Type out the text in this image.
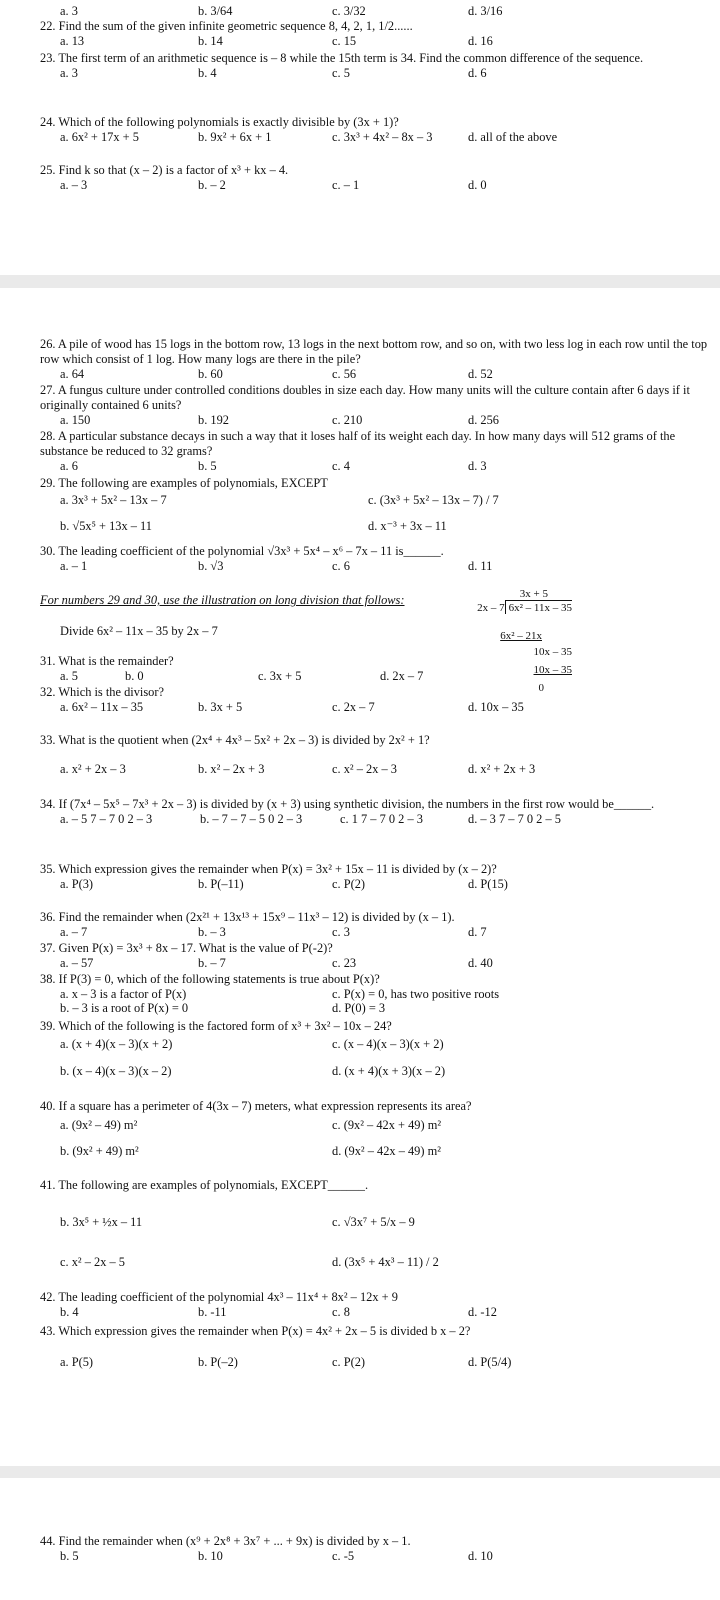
a. 3	b. 3/64	c. 3/32	d. 3/16

22. Find the sum of the given infinite geometric sequence 8, 4, 2, 1, 1/2......

a. 13	b. 14	c. 15	d. 16

23. The first term of an arithmetic sequence is – 8 while the 15th term is 34. Find the common difference of the sequence.

a. 3	b. 4	c. 5	d. 6

24. Which of the following polynomials is exactly divisible by (3x + 1)?

a. 6x² + 17x + 5	b. 9x² + 6x + 1	c. 3x³ + 4x² – 8x – 3	d. all of the above

25. Find k so that (x – 2) is a factor of x³ + kx – 4.

a. – 3	b. – 2	c. – 1	d. 0

26. A pile of wood has 15 logs in the bottom row, 13 logs in the next bottom row, and so on, with two less log in each row until the top row which consist of 1 log. How many logs are there in the pile?

a. 64	b. 60	c. 56	d. 52

27. A fungus culture under controlled conditions doubles in size each day. How many units will the culture contain after 6 days if it originally contained 6 units?

a. 150	b. 192	c. 210	d. 256

28. A particular substance decays in such a way that it loses half of its weight each day. In how many days will 512 grams of the substance be reduced to 32 grams?

a. 6	b. 5	c. 4	d. 3

29. The following are examples of polynomials, EXCEPT

a. 3x³ + 5x² – 13x – 7	c. (3x³ + 5x² – 13x – 7) / 7
b. √5x⁵ + 13x – 11	d. x⁻³ + 3x – 11

30. The leading coefficient of the polynomial √3x³ + 5x⁴ – x⁶ – 7x – 11 is______.

a. – 1	b. √3	c. 6	d. 11
For numbers 29 and 30, use the illustration on long division that follows:
Divide 6x² – 11x – 35 by 2x – 7
3x + 5
2x – 7 6x² – 11x – 35
6x² – 21x
10x – 35
10x – 35
0

31. What is the remainder?

a. 5	b. 0	c. 3x + 5	d. 2x – 7

32. Which is the divisor?

a. 6x² – 11x – 35	b. 3x + 5	c. 2x – 7	d. 10x – 35

33. What is the quotient when (2x⁴ + 4x³ – 5x² + 2x – 3) is divided by 2x² + 1?

a. x² + 2x – 3	b. x² – 2x + 3	c. x² – 2x – 3	d. x² + 2x + 3

34. If (7x⁴ – 5x⁵ – 7x³ + 2x – 3) is divided by (x + 3) using synthetic division, the numbers in the first row would be______.

a. – 5 7 – 7 0 2 – 3	b. – 7 – 7 – 5 0 2 – 3	c. 1 7 – 7 0 2 – 3	d. – 3 7 – 7 0 2 – 5

35. Which expression gives the remainder when P(x) = 3x² + 15x – 11 is divided by (x – 2)?

a. P(3)	b. P(–11)	c. P(2)	d. P(15)

36. Find the remainder when (2x²¹ + 13x¹³ + 15x⁹ – 11x³ – 12) is divided by (x – 1).

a. – 7	b. – 3	c. 3	d. 7

37. Given P(x) = 3x³ + 8x – 17. What is the value of P(-2)?

a. – 57	b. – 7	c. 23	d. 40

38. If P(3) = 0, which of the following statements is true about P(x)?

a. x – 3 is a factor of P(x)
b. – 3 is a root of P(x) = 0
c. P(x) = 0, has two positive roots
d. P(0) = 3

39. Which of the following is the factored form of x³ + 3x² – 10x – 24?

a. (x + 4)(x – 3)(x + 2)	c. (x – 4)(x – 3)(x + 2)
b. (x – 4)(x – 3)(x – 2)	d. (x + 4)(x + 3)(x – 2)

40. If a square has a perimeter of 4(3x – 7) meters, what expression represents its area?

a. (9x² – 49) m²	c. (9x² – 42x + 49) m²
b. (9x² + 49) m²	d. (9x² – 42x – 49) m²

41. The following are examples of polynomials, EXCEPT______.

b. 3x⁵ + ½x – 11	c. √3x⁷ + 5/x – 9
c. x² – 2x – 5	d. (3x⁵ + 4x³ – 11) / 2

42. The leading coefficient of the polynomial 4x³ – 11x⁴ + 8x² – 12x + 9

b. 4	b. -11	c. 8	d. -12

43. Which expression gives the remainder when P(x) = 4x² + 2x – 5 is divided b x – 2?

a. P(5)	b. P(–2)	c. P(2)	d. P(5/4)

44. Find the remainder when (x⁹ + 2x⁸ + 3x⁷ + ... + 9x) is divided by x – 1.

b. 5	b. 10	c. -5	d. 10
